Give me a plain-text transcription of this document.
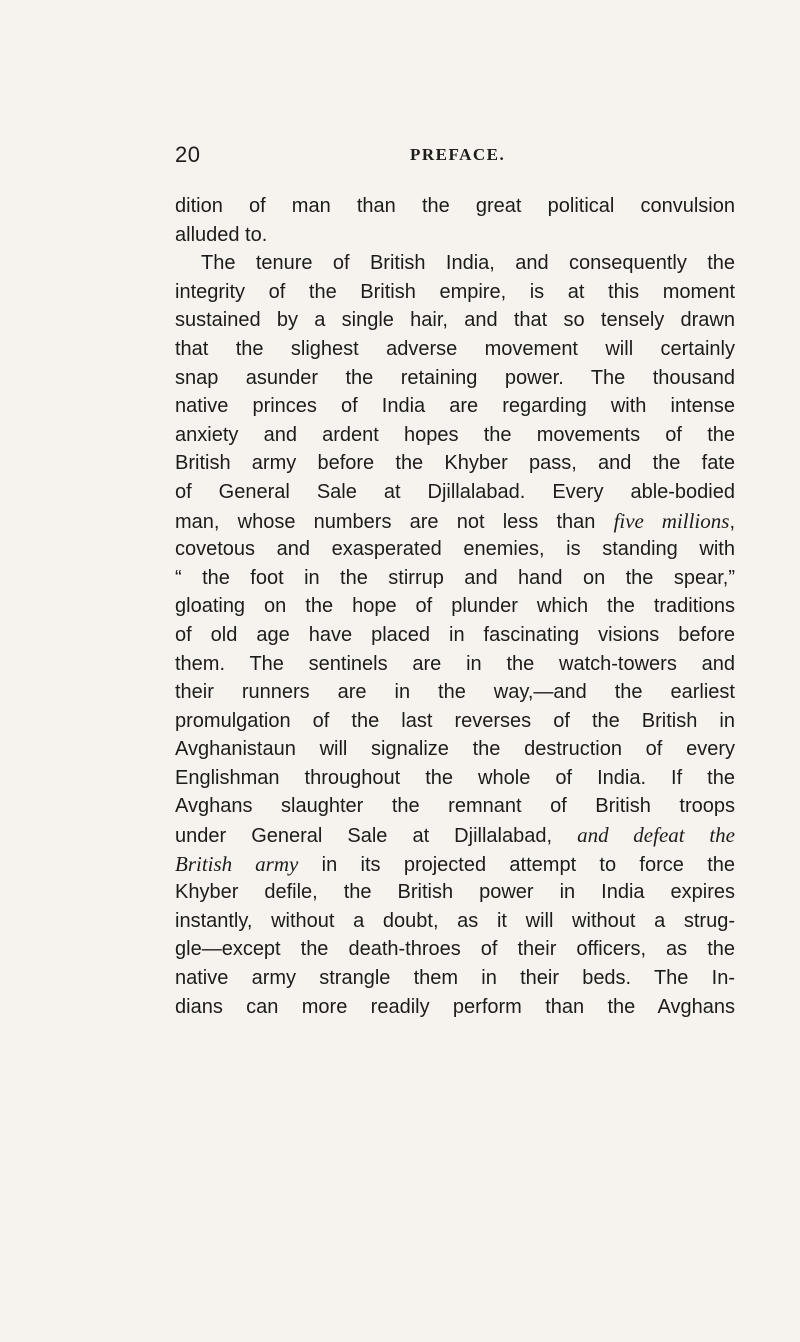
20	PREFACE.
dition of man than the great political convulsion
alluded to.
The tenure of British India, and consequently the
integrity of the British empire, is at this moment
sustained by a single hair, and that so tensely drawn
that the slighest adverse movement will certainly
snap asunder the retaining power. The thousand
native princes of India are regarding with intense
anxiety and ardent hopes the movements of the
British army before the Khyber pass, and the fate
of General Sale at Djillalabad. Every able-bodied
man, whose numbers are not less than five millions,
covetous and exasperated enemies, is standing with
“ the foot in the stirrup and hand on the spear,”
gloating on the hope of plunder which the traditions
of old age have placed in fascinating visions before
them. The sentinels are in the watch-towers and
their runners are in the way,—and the earliest
promulgation of the last reverses of the British in
Avghanistaun will signalize the destruction of every
Englishman throughout the whole of India. If the
Avghans slaughter the remnant of British troops
under General Sale at Djillalabad, and defeat the
British army in its projected attempt to force the
Khyber defile, the British power in India expires
instantly, without a doubt, as it will without a strug-
gle—except the death-throes of their officers, as the
native army strangle them in their beds. The In-
dians can more readily perform than the Avghans
